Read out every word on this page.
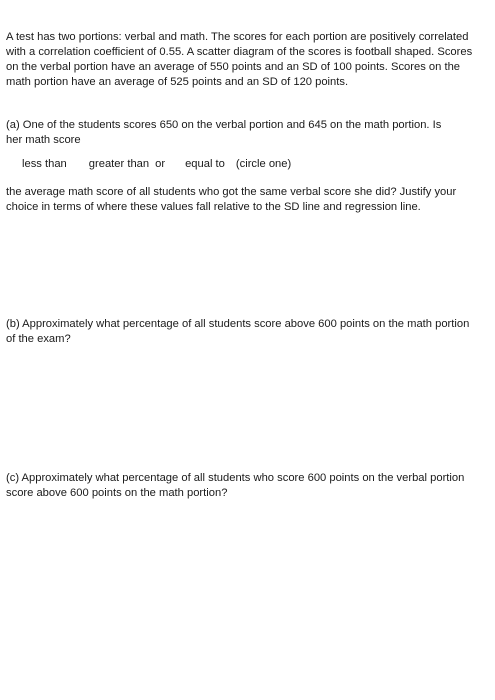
A test has two portions: verbal and math. The scores for each portion are positively correlated with a correlation coefficient of 0.55. A scatter diagram of the scores is football shaped. Scores on the verbal portion have an average of 550 points and an SD of 100 points. Scores on the math portion have an average of 525 points and an SD of 120 points.

(a) One of the students scores 650 on the verbal portion and 645 on the math portion. Is her math score

less than greater than or equal to (circle one)

the average math score of all students who got the same verbal score she did? Justify your choice in terms of where these values fall relative to the SD line and regression line.

(b) Approximately what percentage of all students score above 600 points on the math portion of the exam?

(c) Approximately what percentage of all students who score 600 points on the verbal portion score above 600 points on the math portion?
